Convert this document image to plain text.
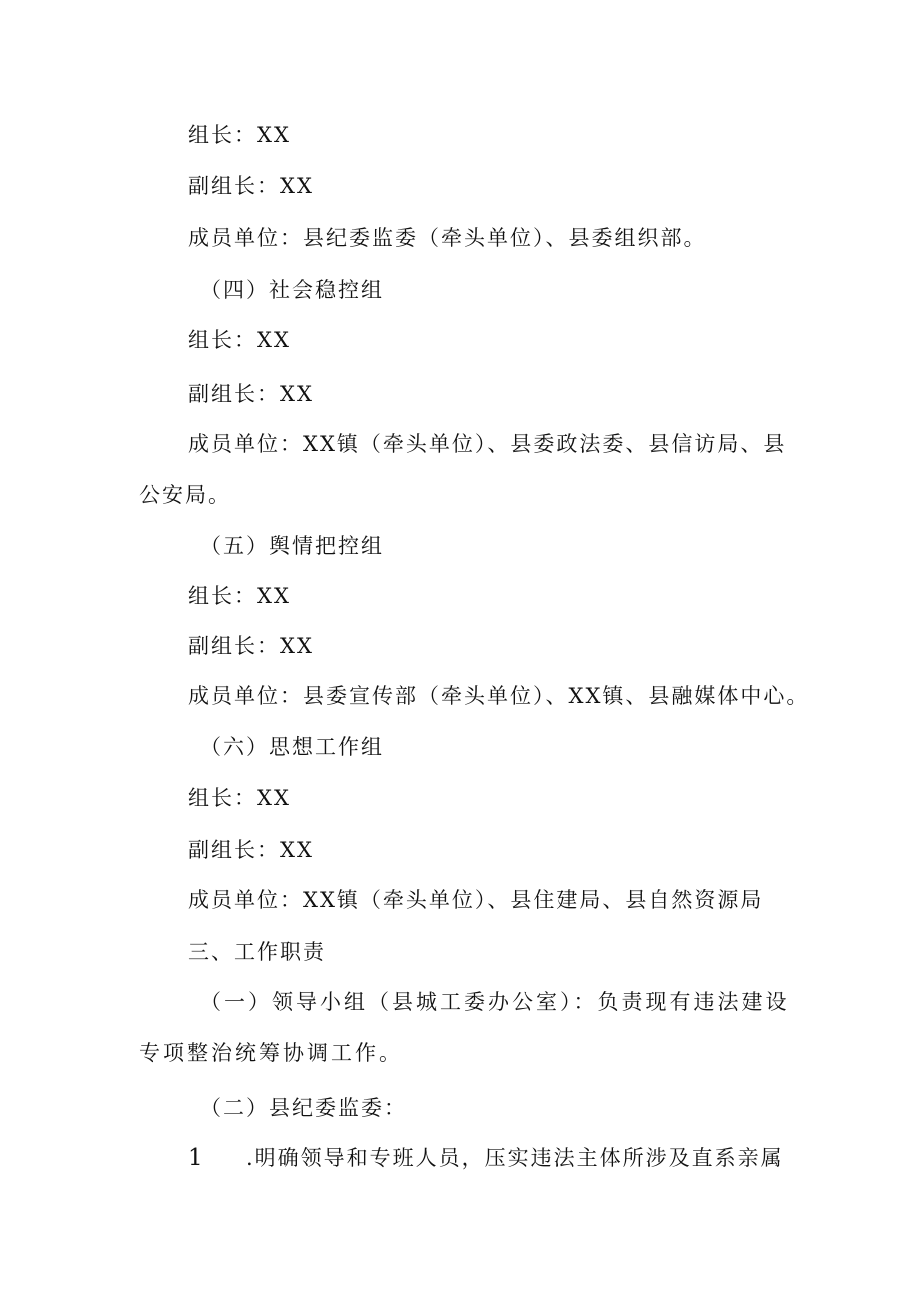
组长：XX
副组长：XX
成员单位：县纪委监委（牵头单位）、县委组织部。
（四）社会稳控组
组长：XX
副组长：XX
成员单位：XX镇（牵头单位）、县委政法委、县信访局、县
公安局。
（五）舆情把控组
组长：XX
副组长：XX
成员单位：县委宣传部（牵头单位）、XX镇、县融媒体中心。
（六）思想工作组
组长：XX
副组长：XX
成员单位：XX镇（牵头单位）、县住建局、县自然资源局
三、工作职责
（一）领导小组（县城工委办公室）：负责现有违法建设
专项整治统筹协调工作。
（二）县纪委监委：
1 .明确领导和专班人员，压实违法主体所涉及直系亲属
